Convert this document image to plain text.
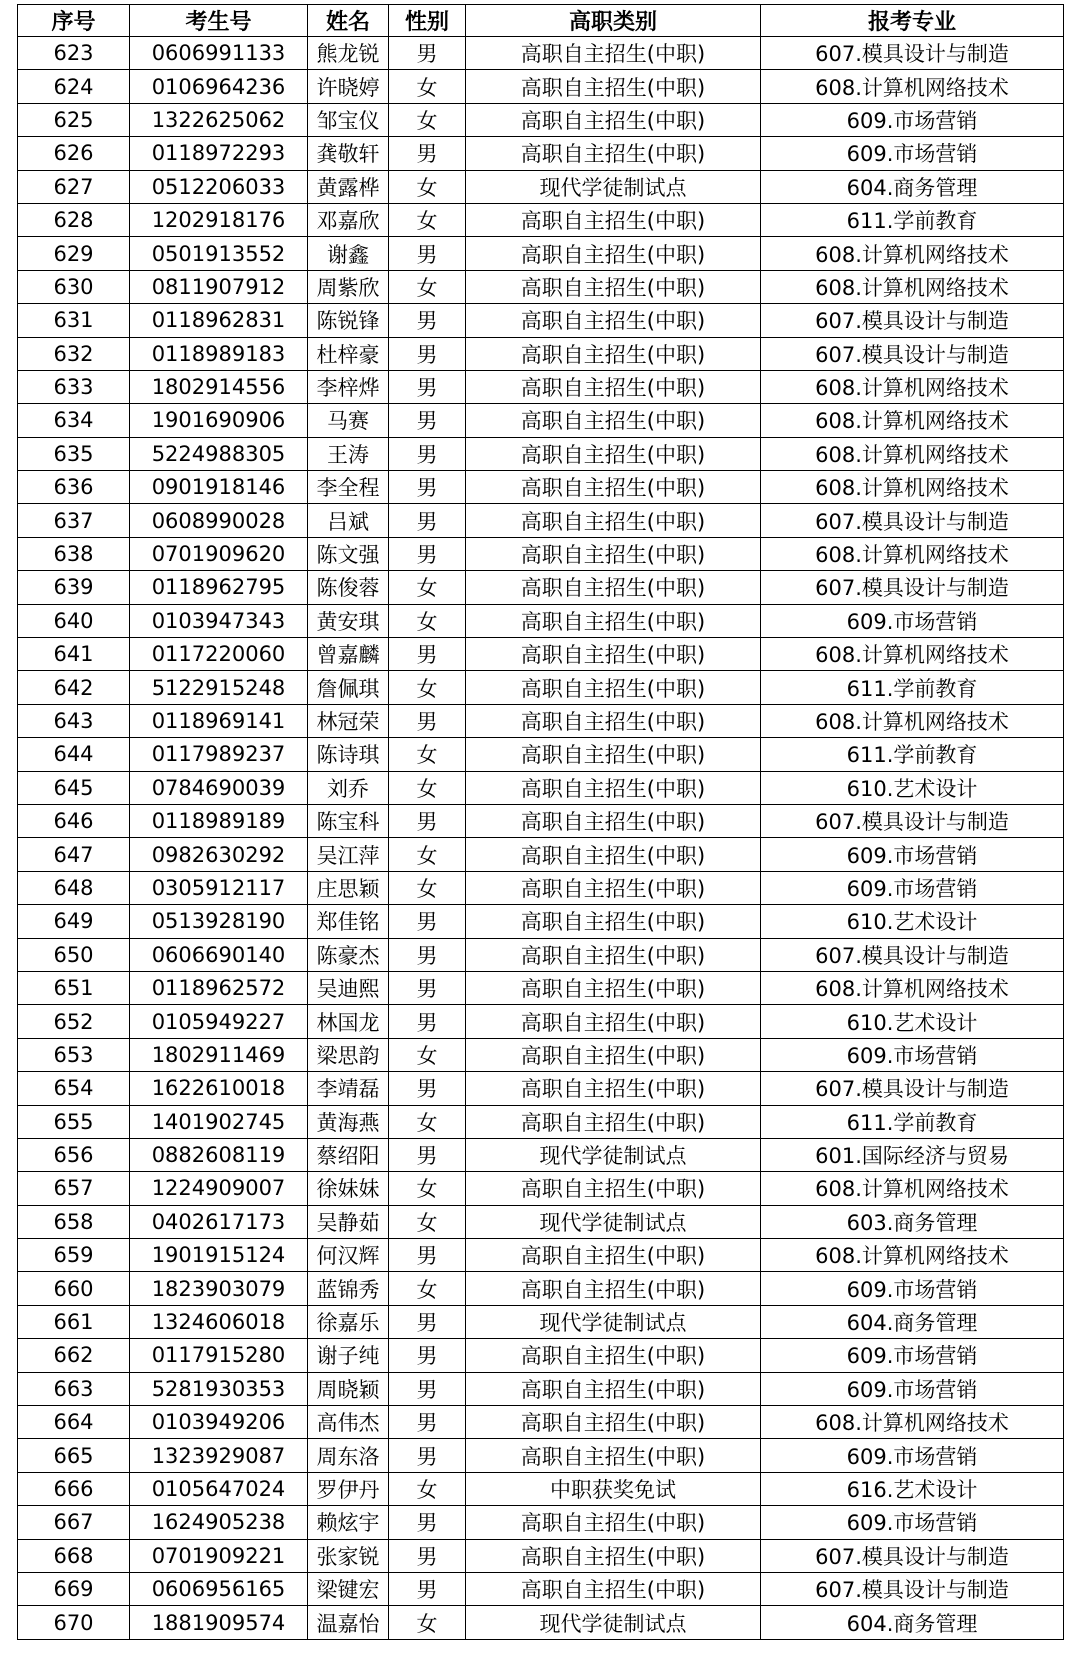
序号	考生号	姓名	性别	高职类别	报考专业
623	0606991133	熊龙锐	男	高职自主招生(中职)	607.模具设计与制造
624	0106964236	许晓婷	女	高职自主招生(中职)	608.计算机网络技术
625	1322625062	邹宝仪	女	高职自主招生(中职)	609.市场营销
626	0118972293	龚敬轩	男	高职自主招生(中职)	609.市场营销
627	0512206033	黄露桦	女	现代学徒制试点	604.商务管理
628	1202918176	邓嘉欣	女	高职自主招生(中职)	611.学前教育
629	0501913552	谢鑫	男	高职自主招生(中职)	608.计算机网络技术
630	0811907912	周紫欣	女	高职自主招生(中职)	608.计算机网络技术
631	0118962831	陈锐锋	男	高职自主招生(中职)	607.模具设计与制造
632	0118989183	杜梓豪	男	高职自主招生(中职)	607.模具设计与制造
633	1802914556	李梓烨	男	高职自主招生(中职)	608.计算机网络技术
634	1901690906	马赛	男	高职自主招生(中职)	608.计算机网络技术
635	5224988305	王涛	男	高职自主招生(中职)	608.计算机网络技术
636	0901918146	李全程	男	高职自主招生(中职)	608.计算机网络技术
637	0608990028	吕斌	男	高职自主招生(中职)	607.模具设计与制造
638	0701909620	陈文强	男	高职自主招生(中职)	608.计算机网络技术
639	0118962795	陈俊蓉	女	高职自主招生(中职)	607.模具设计与制造
640	0103947343	黄安琪	女	高职自主招生(中职)	609.市场营销
641	0117220060	曾嘉麟	男	高职自主招生(中职)	608.计算机网络技术
642	5122915248	詹佩琪	女	高职自主招生(中职)	611.学前教育
643	0118969141	林冠荣	男	高职自主招生(中职)	608.计算机网络技术
644	0117989237	陈诗琪	女	高职自主招生(中职)	611.学前教育
645	0784690039	刘乔	女	高职自主招生(中职)	610.艺术设计
646	0118989189	陈宝科	男	高职自主招生(中职)	607.模具设计与制造
647	0982630292	吴江萍	女	高职自主招生(中职)	609.市场营销
648	0305912117	庄思颖	女	高职自主招生(中职)	609.市场营销
649	0513928190	郑佳铭	男	高职自主招生(中职)	610.艺术设计
650	0606690140	陈豪杰	男	高职自主招生(中职)	607.模具设计与制造
651	0118962572	吴迪熙	男	高职自主招生(中职)	608.计算机网络技术
652	0105949227	林国龙	男	高职自主招生(中职)	610.艺术设计
653	1802911469	梁思韵	女	高职自主招生(中职)	609.市场营销
654	1622610018	李靖磊	男	高职自主招生(中职)	607.模具设计与制造
655	1401902745	黄海燕	女	高职自主招生(中职)	611.学前教育
656	0882608119	蔡绍阳	男	现代学徒制试点	601.国际经济与贸易
657	1224909007	徐妹妹	女	高职自主招生(中职)	608.计算机网络技术
658	0402617173	吴静茹	女	现代学徒制试点	603.商务管理
659	1901915124	何汉辉	男	高职自主招生(中职)	608.计算机网络技术
660	1823903079	蓝锦秀	女	高职自主招生(中职)	609.市场营销
661	1324606018	徐嘉乐	男	现代学徒制试点	604.商务管理
662	0117915280	谢子纯	男	高职自主招生(中职)	609.市场营销
663	5281930353	周晓颖	男	高职自主招生(中职)	609.市场营销
664	0103949206	高伟杰	男	高职自主招生(中职)	608.计算机网络技术
665	1323929087	周东洛	男	高职自主招生(中职)	609.市场营销
666	0105647024	罗伊丹	女	中职获奖免试	616.艺术设计
667	1624905238	赖炫宇	男	高职自主招生(中职)	609.市场营销
668	0701909221	张家锐	男	高职自主招生(中职)	607.模具设计与制造
669	0606956165	梁键宏	男	高职自主招生(中职)	607.模具设计与制造
670	1881909574	温嘉怡	女	现代学徒制试点	604.商务管理
